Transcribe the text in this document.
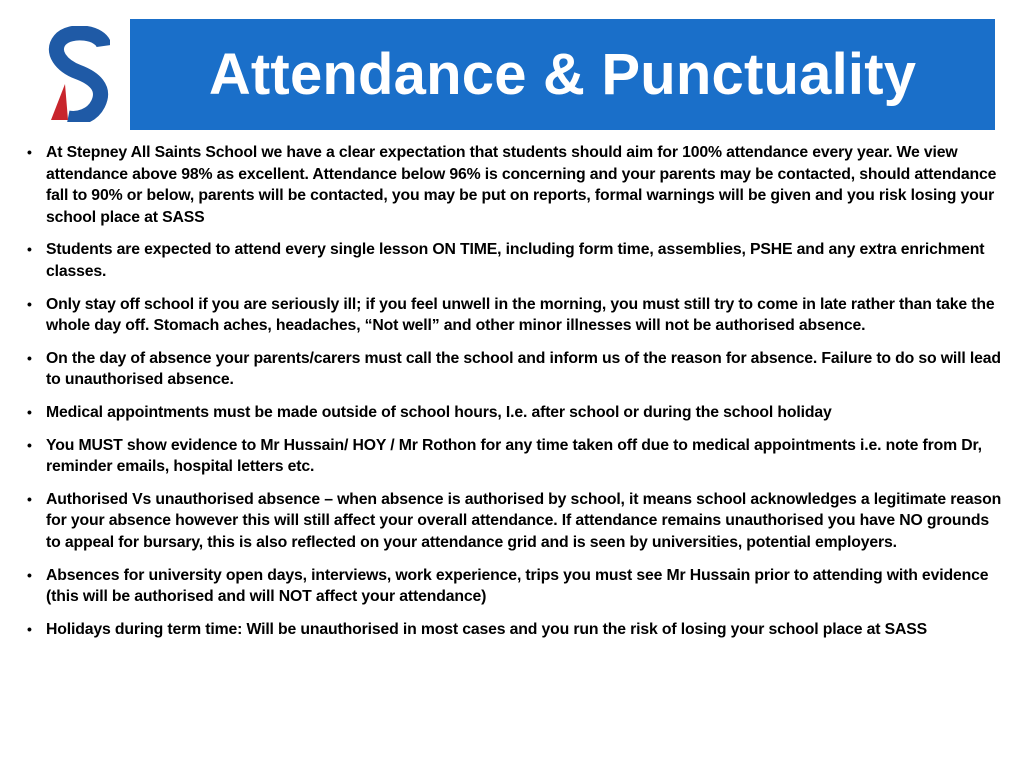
Attendance & Punctuality
• At Stepney All Saints School we have a clear expectation that students should aim for 100% attendance every year. We view attendance above 98% as excellent. Attendance below 96% is concerning and your parents may be contacted, should attendance fall to 90% or below, parents will be contacted, you may be put on reports, formal warnings will be given and you risk losing your school place at SASS
• Students are expected to attend every single lesson ON TIME, including form time, assemblies, PSHE and any extra enrichment classes.
• Only stay off school if you are seriously ill; if you feel unwell in the morning, you must still try to come in late rather than take the whole day off. Stomach aches, headaches, “Not well” and other minor illnesses will not be authorised absence.
• On the day of absence your parents/carers must call the school and inform us of the reason for absence. Failure to do so will lead to unauthorised absence.
• Medical appointments must be made outside of school hours, I.e. after school or during the school holiday
• You MUST show evidence to Mr Hussain/ HOY / Mr Rothon for any time taken off due to medical appointments i.e. note from Dr, reminder emails, hospital letters etc.
• Authorised Vs unauthorised absence – when absence is authorised by school, it means school acknowledges a legitimate reason for your absence however this will still affect your overall attendance. If attendance remains unauthorised you have NO grounds to appeal for bursary, this is also reflected on your attendance grid and is seen by universities, potential employers.
• Absences for university open days, interviews, work experience, trips you must see Mr Hussain prior to attending with evidence (this will be authorised and will NOT affect your attendance)
• Holidays during term time: Will be unauthorised in most cases and you run the risk of losing your school place at SASS
